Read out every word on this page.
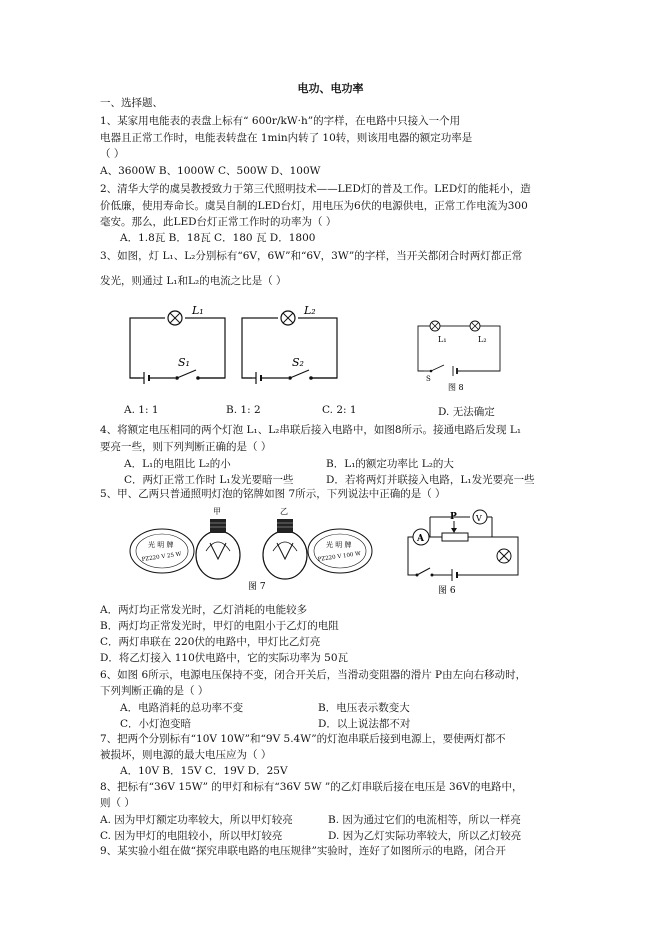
电功、电功率
一、选择题、
1、某家用电能表的表盘上标有“ 600r/kW·h”的字样，在电路中只接入一个用
电器且正常工作时，电能表转盘在 1min内转了 10转，则该用电器的额定功率是
（ ）
A、3600W B、1000W C、500W D、100W
2、清华大学的虞昊教授致力于第三代照明技术——LED灯的普及工作。LED灯的能耗小，造
价低廉，使用寿命长。虞昊自制的LED台灯，用电压为6伏的电源供电，正常工作电流为300
毫安。那么，此LED台灯正常工作时的功率为（ ）
A．1.8瓦 B．18瓦 C．180 瓦 D．1800
3、如图，灯 L₁、L₂分别标有“6V，6W”和“6V，3W”的字样，当开关都闭合时两灯都正常
发光，则通过 L₁和L₂的电流之比是（ ）
L₁
S₁
L₂
S₂
L₁	L₂
S
图 8
A. 1: 1	B. 1: 2	C. 2: 1	D. 无法确定
4、将额定电压相同的两个灯泡 L₁、L₂串联后接入电路中，如图8所示。接通电路后发现 L₁
要亮一些，则下列判断正确的是（ ）
A．L₁的电阻比 L₂的小	B．L₁的额定功率比 L₂的大
C．两灯正常工作时 L₁发光要暗一些	D．若将两灯并联接入电路，L₁发光要亮一些
5、甲、乙两只普通照明灯泡的铭牌如图 7所示，下列说法中正确的是（ ）
光 明 牌
PZ220 V 25 W
甲	乙
光 明 牌
PZ220 V 100 W
图 7
A
P V
图 6
A．两灯均正常发光时，乙灯消耗的电能较多
B．两灯均正常发光时，甲灯的电阻小于乙灯的电阻
C．两灯串联在 220伏的电路中，甲灯比乙灯亮
D．将乙灯接入 110伏电路中，它的实际功率为 50瓦
6、如图 6所示，电源电压保持不变，闭合开关后，当滑动变阻器的滑片 P由左向右移动时，
下列判断正确的是（ ）
A．电路消耗的总功率不变	B．电压表示数变大
C．小灯泡变暗	D．以上说法都不对
7、把两个分别标有“10V 10W”和“9V 5.4W”的灯泡串联后接到电源上，要使两灯都不
被损坏，则电源的最大电压应为（ ）
A．10V B．15V C．19V D．25V
8、把标有“36V 15W” 的甲灯和标有“36V 5W ”的乙灯串联后接在电压是 36V的电路中，
则（ ）
A. 因为甲灯额定功率较大，所以甲灯较亮	B. 因为通过它们的电流相等，所以一样亮
C. 因为甲灯的电阻较小，所以甲灯较亮	D. 因为乙灯实际功率较大，所以乙灯较亮
9、某实验小组在做“探究串联电路的电压规律”实验时，连好了如图所示的电路，闭合开
